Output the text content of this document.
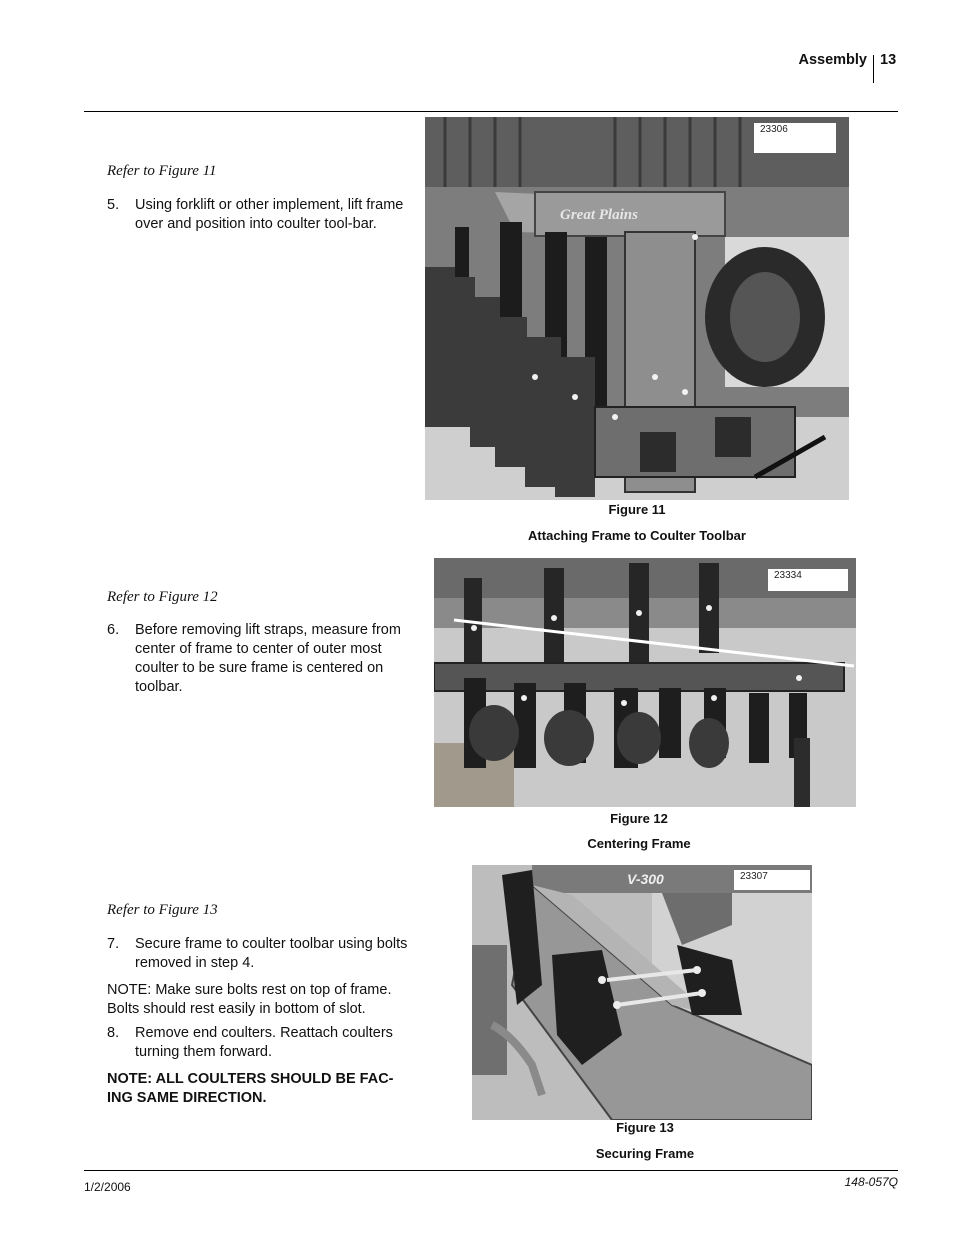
Assembly 13
Refer to Figure 11
5. Using forklift or other implement, lift frame over and position into coulter tool-bar.
Great Plains
23306
Figure 11
Attaching Frame to Coulter Toolbar
Refer to Figure 12
6. Before removing lift straps, measure from center of frame to center of outer most coulter to be sure frame is centered on toolbar.
23334
Figure 12
Centering Frame
Refer to Figure 13
7. Secure frame to coulter toolbar using bolts removed in step 4.
NOTE: Make sure bolts rest on top of frame. Bolts should rest easily in bottom of slot.
8. Remove end coulters. Reattach coulters turning them forward.
NOTE: ALL COULTERS SHOULD BE FAC-ING SAME DIRECTION.
V-300	23307
Figure 13
Securing Frame
1/2/2006	148-057Q
